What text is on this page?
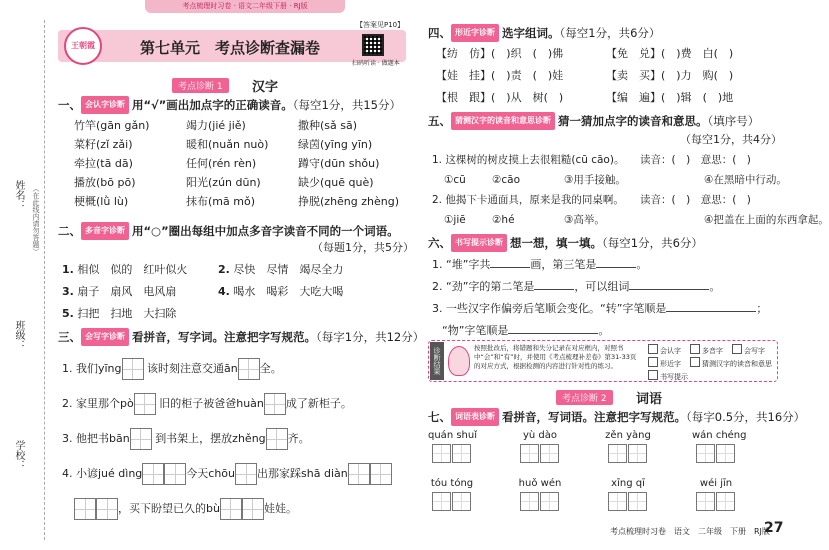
考点梳理时习卷 · 语文二年级下册 · RJ版
姓名：	（在此线内请勿答题）
班级：
学校：
王朝霞	第七单元　考点诊断查漏卷
【答案见P10】
扫码听读 · 做题本
考点诊断 1	汉字
一、 会认字诊断 用“√”画出加点字的正确读音。（每空1分，共15分）
竹竿(gān gǎn)	竭力(jié jiě)	撒种(sǎ sā)
菜籽(zǐ zǎi)	暖和(nuǎn nuò)	绿茵(yīng yīn)
牵拉(tā dā)	任何(rén rèn)	蹲守(dūn shǒu)
播放(bō pō)	阳光(zún dūn)	缺少(quē què)
梗概(lǜ lù)	抹布(mā mǒ)	挣脱(zhēng zhèng)
二、 多音字诊断 用“○”圈出每组中加点多音字读音不同的一个词语。
（每题1分，共5分）
1. 相似　似的　红叶似火	2. 尽快　尽情　竭尽全力
3. 扇子　扇风　电风扇	4. 喝水　喝彩　大吃大喝
5. 扫把　扫地　大扫除
三、 会写字诊断 看拼音，写字词。注意把字写规范。（每字1分，共12分）
1. 我们yīng 该时刻注意交通ān 全。
2. 家里那个pò 旧的柜子被爸爸huàn 成了新柜子。
3. 他把书bān 到书架上，摆放zhěng 齐。
4. 小谚jué dìng	今天chōu 出那家踩shā diàn
，买下盼望已久的bù	娃娃。
四、 形近字诊断 选字组词。（每空1分，共6分）
【纺　仿】(　)织　(　)佛	【免　兑】(　)费　白(　)
【娃　挂】(　)责　(　)娃	【卖　买】(　)力　购(　)
【根　跟】(　)从　树(　)	【编　遍】(　)辑　(　)地
五、 猜测汉字的读音和意思诊断 猜一猜加点字的读音和意思。（填序号）
（每空1分，共4分）
1. 这棵树的树皮摸上去很粗糙(cū cāo)。 读音：(　)　意思：(　)
①cū ②cāo	③用手接触。	④在黑暗中行动。
2. 他揭下卡通面具，原来是我的同桌啊。 读音：(　)　意思：(　)
①jiē	②hé	③高举。	④把盖在上面的东西拿起。
六、 书写提示诊断 想一想，填一填。（每空1分，共6分）
1. “堆”字共	画，第三笔是	。
2. “劲”字的第二笔是	，可以组词	。
3. 一些汉字作偏旁后笔顺会变化。“转”字笔顺是	；
“物”字笔顺是	。
诊断结果	按照批改后，将错题和失分记录在对应框内，对照书中“会”和“有”时，并使用《考点梳理补差卷》第31-33页的对应方式，根据检测的内容进行针对性的练习。
会认字	多音字	会写字
形近字	猜测汉字的读音和意思
书写提示
考点诊断 2	词语
七、 词语表诊断 看拼音，写词语。注意把字写规范。（每字0.5分，共16分）
quán shuǐ	yù dào	zěn yàng	wán chéng
tóu tóng	huǒ wén	xīng qī	wéi jīn
考点梳理时习卷　语文　二年级　下册　RJ版
27
